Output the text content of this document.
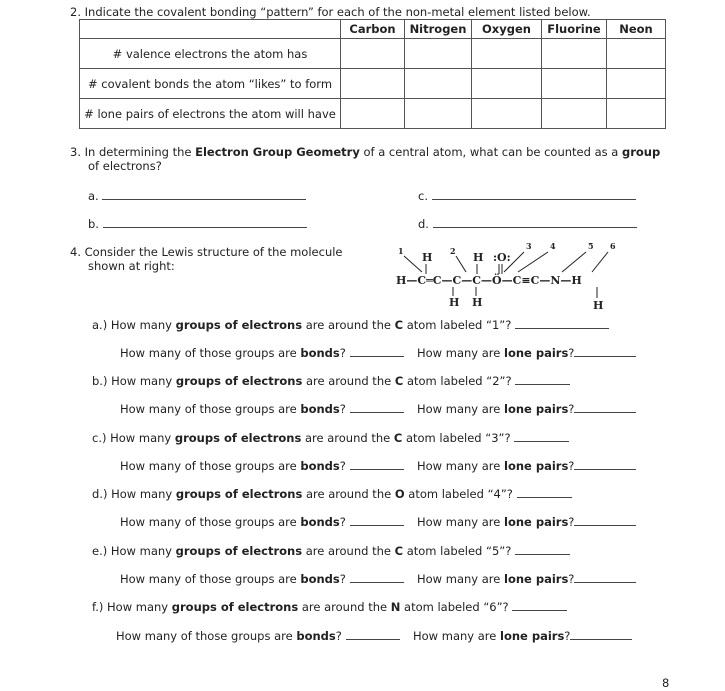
2. Indicate the covalent bonding “pattern” for each of the non-metal element listed below.
	Carbon	Nitrogen	Oxygen	Fluorine	Neon
# valence electrons the atom has					
# covalent bonds the atom “likes” to form					
# lone pairs of electrons the atom will have					
3. In determining the Electron Group Geometry of a central atom, what can be counted as a group
of electrons?
a.
b.
c.
d.
4. Consider the Lewis structure of the molecule
shown at right:
1	2	3 4	5 6
H	H :O:
H—C═C—C—C—Ö—C≡C—N—H
H H	H
a.) How many groups of electrons are around the C atom labeled “1”?
How many of those groups are bonds?	How many are lone pairs?
b.) How many groups of electrons are around the C atom labeled “2”?
How many of those groups are bonds?	How many are lone pairs?
c.) How many groups of electrons are around the C atom labeled “3”?
How many of those groups are bonds?	How many are lone pairs?
d.) How many groups of electrons are around the O atom labeled “4”?
How many of those groups are bonds?	How many are lone pairs?
e.) How many groups of electrons are around the C atom labeled “5”?
How many of those groups are bonds?	How many are lone pairs?
f.) How many groups of electrons are around the N atom labeled “6”?
How many of those groups are bonds?	How many are lone pairs?
8
